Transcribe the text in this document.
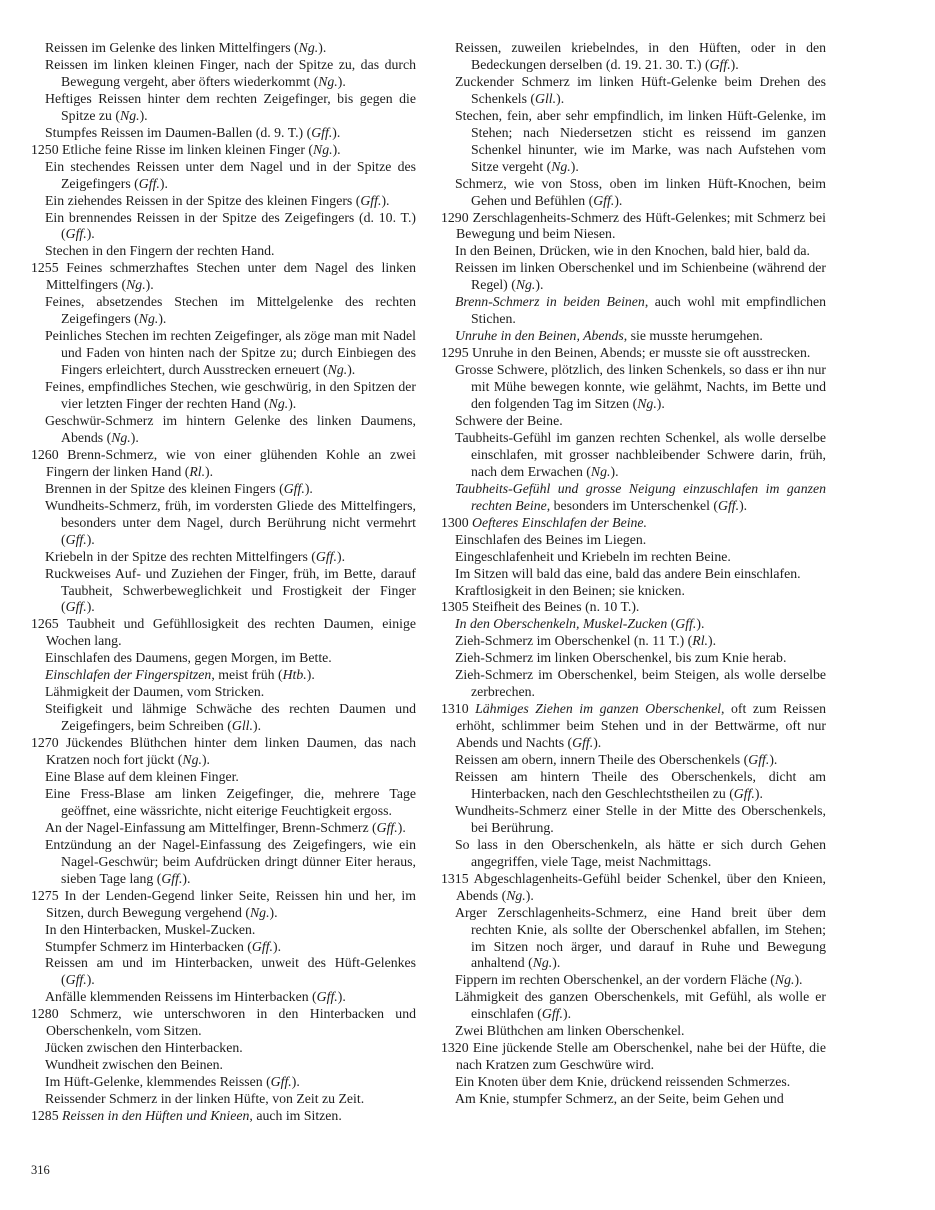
Reissen im Gelenke des linken Mittelfingers (Ng.).
Reissen im linken kleinen Finger, nach der Spitze zu, das durch Bewegung vergeht, aber öfters wiederkommt (Ng.).
Heftiges Reissen hinter dem rechten Zeigefinger, bis gegen die Spitze zu (Ng.).
Stumpfes Reissen im Daumen-Ballen (d. 9. T.) (Gff.).
1250 Etliche feine Risse im linken kleinen Finger (Ng.).
Ein stechendes Reissen unter dem Nagel und in der Spitze des Zeigefingers (Gff.).
Ein ziehendes Reissen in der Spitze des kleinen Fingers (Gff.).
Ein brennendes Reissen in der Spitze des Zeigefingers (d. 10. T.) (Gff.).
Stechen in den Fingern der rechten Hand.
1255 Feines schmerzhaftes Stechen unter dem Nagel des linken Mittelfingers (Ng.).
Feines, absetzendes Stechen im Mittelgelenke des rechten Zeigefingers (Ng.).
Peinliches Stechen im rechten Zeigefinger, als zöge man mit Nadel und Faden von hinten nach der Spitze zu; durch Einbiegen des Fingers erleichtert, durch Ausstrecken erneuert (Ng.).
Feines, empfindliches Stechen, wie geschwürig, in den Spitzen der vier letzten Finger der rechten Hand (Ng.).
Geschwür-Schmerz im hintern Gelenke des linken Daumens, Abends (Ng.).
1260 Brenn-Schmerz, wie von einer glühenden Kohle an zwei Fingern der linken Hand (Rl.).
Brennen in der Spitze des kleinen Fingers (Gff.).
Wundheits-Schmerz, früh, im vordersten Gliede des Mittelfingers, besonders unter dem Nagel, durch Berührung nicht vermehrt (Gff.).
Kriebeln in der Spitze des rechten Mittelfingers (Gff.).
Ruckweises Auf- und Zuziehen der Finger, früh, im Bette, darauf Taubheit, Schwerbeweglichkeit und Frostigkeit der Finger (Gff.).
1265 Taubheit und Gefühllosigkeit des rechten Daumen, einige Wochen lang.
Einschlafen des Daumens, gegen Morgen, im Bette.
Einschlafen der Fingerspitzen, meist früh (Htb.).
Lähmigkeit der Daumen, vom Stricken.
Steifigkeit und lähmige Schwäche des rechten Daumen und Zeigefingers, beim Schreiben (Gll.).
1270 Jückendes Blüthchen hinter dem linken Daumen, das nach Kratzen noch fort jückt (Ng.).
Eine Blase auf dem kleinen Finger.
Eine Fress-Blase am linken Zeigefinger, die, mehrere Tage geöffnet, eine wässrichte, nicht eiterige Feuchtigkeit ergoss.
An der Nagel-Einfassung am Mittelfinger, Brenn-Schmerz (Gff.).
Entzündung an der Nagel-Einfassung des Zeigefingers, wie ein Nagel-Geschwür; beim Aufdrücken dringt dünner Eiter heraus, sieben Tage lang (Gff.).
1275 In der Lenden-Gegend linker Seite, Reissen hin und her, im Sitzen, durch Bewegung vergehend (Ng.).
In den Hinterbacken, Muskel-Zucken.
Stumpfer Schmerz im Hinterbacken (Gff.).
Reissen am und im Hinterbacken, unweit des Hüft-Gelenkes (Gff.).
Anfälle klemmenden Reissens im Hinterbacken (Gff.).
1280 Schmerz, wie unterschworen in den Hinterbacken und Oberschenkeln, vom Sitzen.
Jücken zwischen den Hinterbacken.
Wundheit zwischen den Beinen.
Im Hüft-Gelenke, klemmendes Reissen (Gff.).
Reissender Schmerz in der linken Hüfte, von Zeit zu Zeit.
1285 Reissen in den Hüften und Knieen, auch im Sitzen.
Reissen, zuweilen kriebelndes, in den Hüften, oder in den Bedeckungen derselben (d. 19. 21. 30. T.) (Gff.).
Zuckender Schmerz im linken Hüft-Gelenke beim Drehen des Schenkels (Gll.).
Stechen, fein, aber sehr empfindlich, im linken Hüft-Gelenke, im Stehen; nach Niedersetzen sticht es reissend im ganzen Schenkel hinunter, wie im Marke, was nach Aufstehen vom Sitze vergeht (Ng.).
Schmerz, wie von Stoss, oben im linken Hüft-Knochen, beim Gehen und Befühlen (Gff.).
1290 Zerschlagenheits-Schmerz des Hüft-Gelenkes; mit Schmerz bei Bewegung und beim Niesen.
In den Beinen, Drücken, wie in den Knochen, bald hier, bald da.
Reissen im linken Oberschenkel und im Schienbeine (während der Regel) (Ng.).
Brenn-Schmerz in beiden Beinen, auch wohl mit empfindlichen Stichen.
Unruhe in den Beinen, Abends, sie musste herumgehen.
1295 Unruhe in den Beinen, Abends; er musste sie oft ausstrecken.
Grosse Schwere, plötzlich, des linken Schenkels, so dass er ihn nur mit Mühe bewegen konnte, wie gelähmt, Nachts, im Bette und den folgenden Tag im Sitzen (Ng.).
Schwere der Beine.
Taubheits-Gefühl im ganzen rechten Schenkel, als wolle derselbe einschlafen, mit grosser nachbleibender Schwere darin, früh, nach dem Erwachen (Ng.).
Taubheits-Gefühl und grosse Neigung einzuschlafen im ganzen rechten Beine, besonders im Unterschenkel (Gff.).
1300 Oefteres Einschlafen der Beine.
Einschlafen des Beines im Liegen.
Eingeschlafenheit und Kriebeln im rechten Beine.
Im Sitzen will bald das eine, bald das andere Bein einschlafen.
Kraftlosigkeit in den Beinen; sie knicken.
1305 Steifheit des Beines (n. 10 T.).
In den Oberschenkeln, Muskel-Zucken (Gff.).
Zieh-Schmerz im Oberschenkel (n. 11 T.) (Rl.).
Zieh-Schmerz im linken Oberschenkel, bis zum Knie herab.
Zieh-Schmerz im Oberschenkel, beim Steigen, als wolle derselbe zerbrechen.
1310 Lähmiges Ziehen im ganzen Oberschenkel, oft zum Reissen erhöht, schlimmer beim Stehen und in der Bettwärme, oft nur Abends und Nachts (Gff.).
Reissen am obern, innern Theile des Oberschenkels (Gff.).
Reissen am hintern Theile des Oberschenkels, dicht am Hinterbacken, nach den Geschlechtstheilen zu (Gff.).
Wundheits-Schmerz einer Stelle in der Mitte des Oberschenkels, bei Berührung.
So lass in den Oberschenkeln, als hätte er sich durch Gehen angegriffen, viele Tage, meist Nachmittags.
1315 Abgeschlagenheits-Gefühl beider Schenkel, über den Knieen, Abends (Ng.).
Arger Zerschlagenheits-Schmerz, eine Hand breit über dem rechten Knie, als sollte der Oberschenkel abfallen, im Stehen; im Sitzen noch ärger, und darauf in Ruhe und Bewegung anhaltend (Ng.).
Fippern im rechten Oberschenkel, an der vordern Fläche (Ng.).
Lähmigkeit des ganzen Oberschenkels, mit Gefühl, als wolle er einschlafen (Gff.).
Zwei Blüthchen am linken Oberschenkel.
1320 Eine jückende Stelle am Oberschenkel, nahe bei der Hüfte, die nach Kratzen zum Geschwüre wird.
Ein Knoten über dem Knie, drückend reissenden Schmerzes.
Am Knie, stumpfer Schmerz, an der Seite, beim Gehen und
316
